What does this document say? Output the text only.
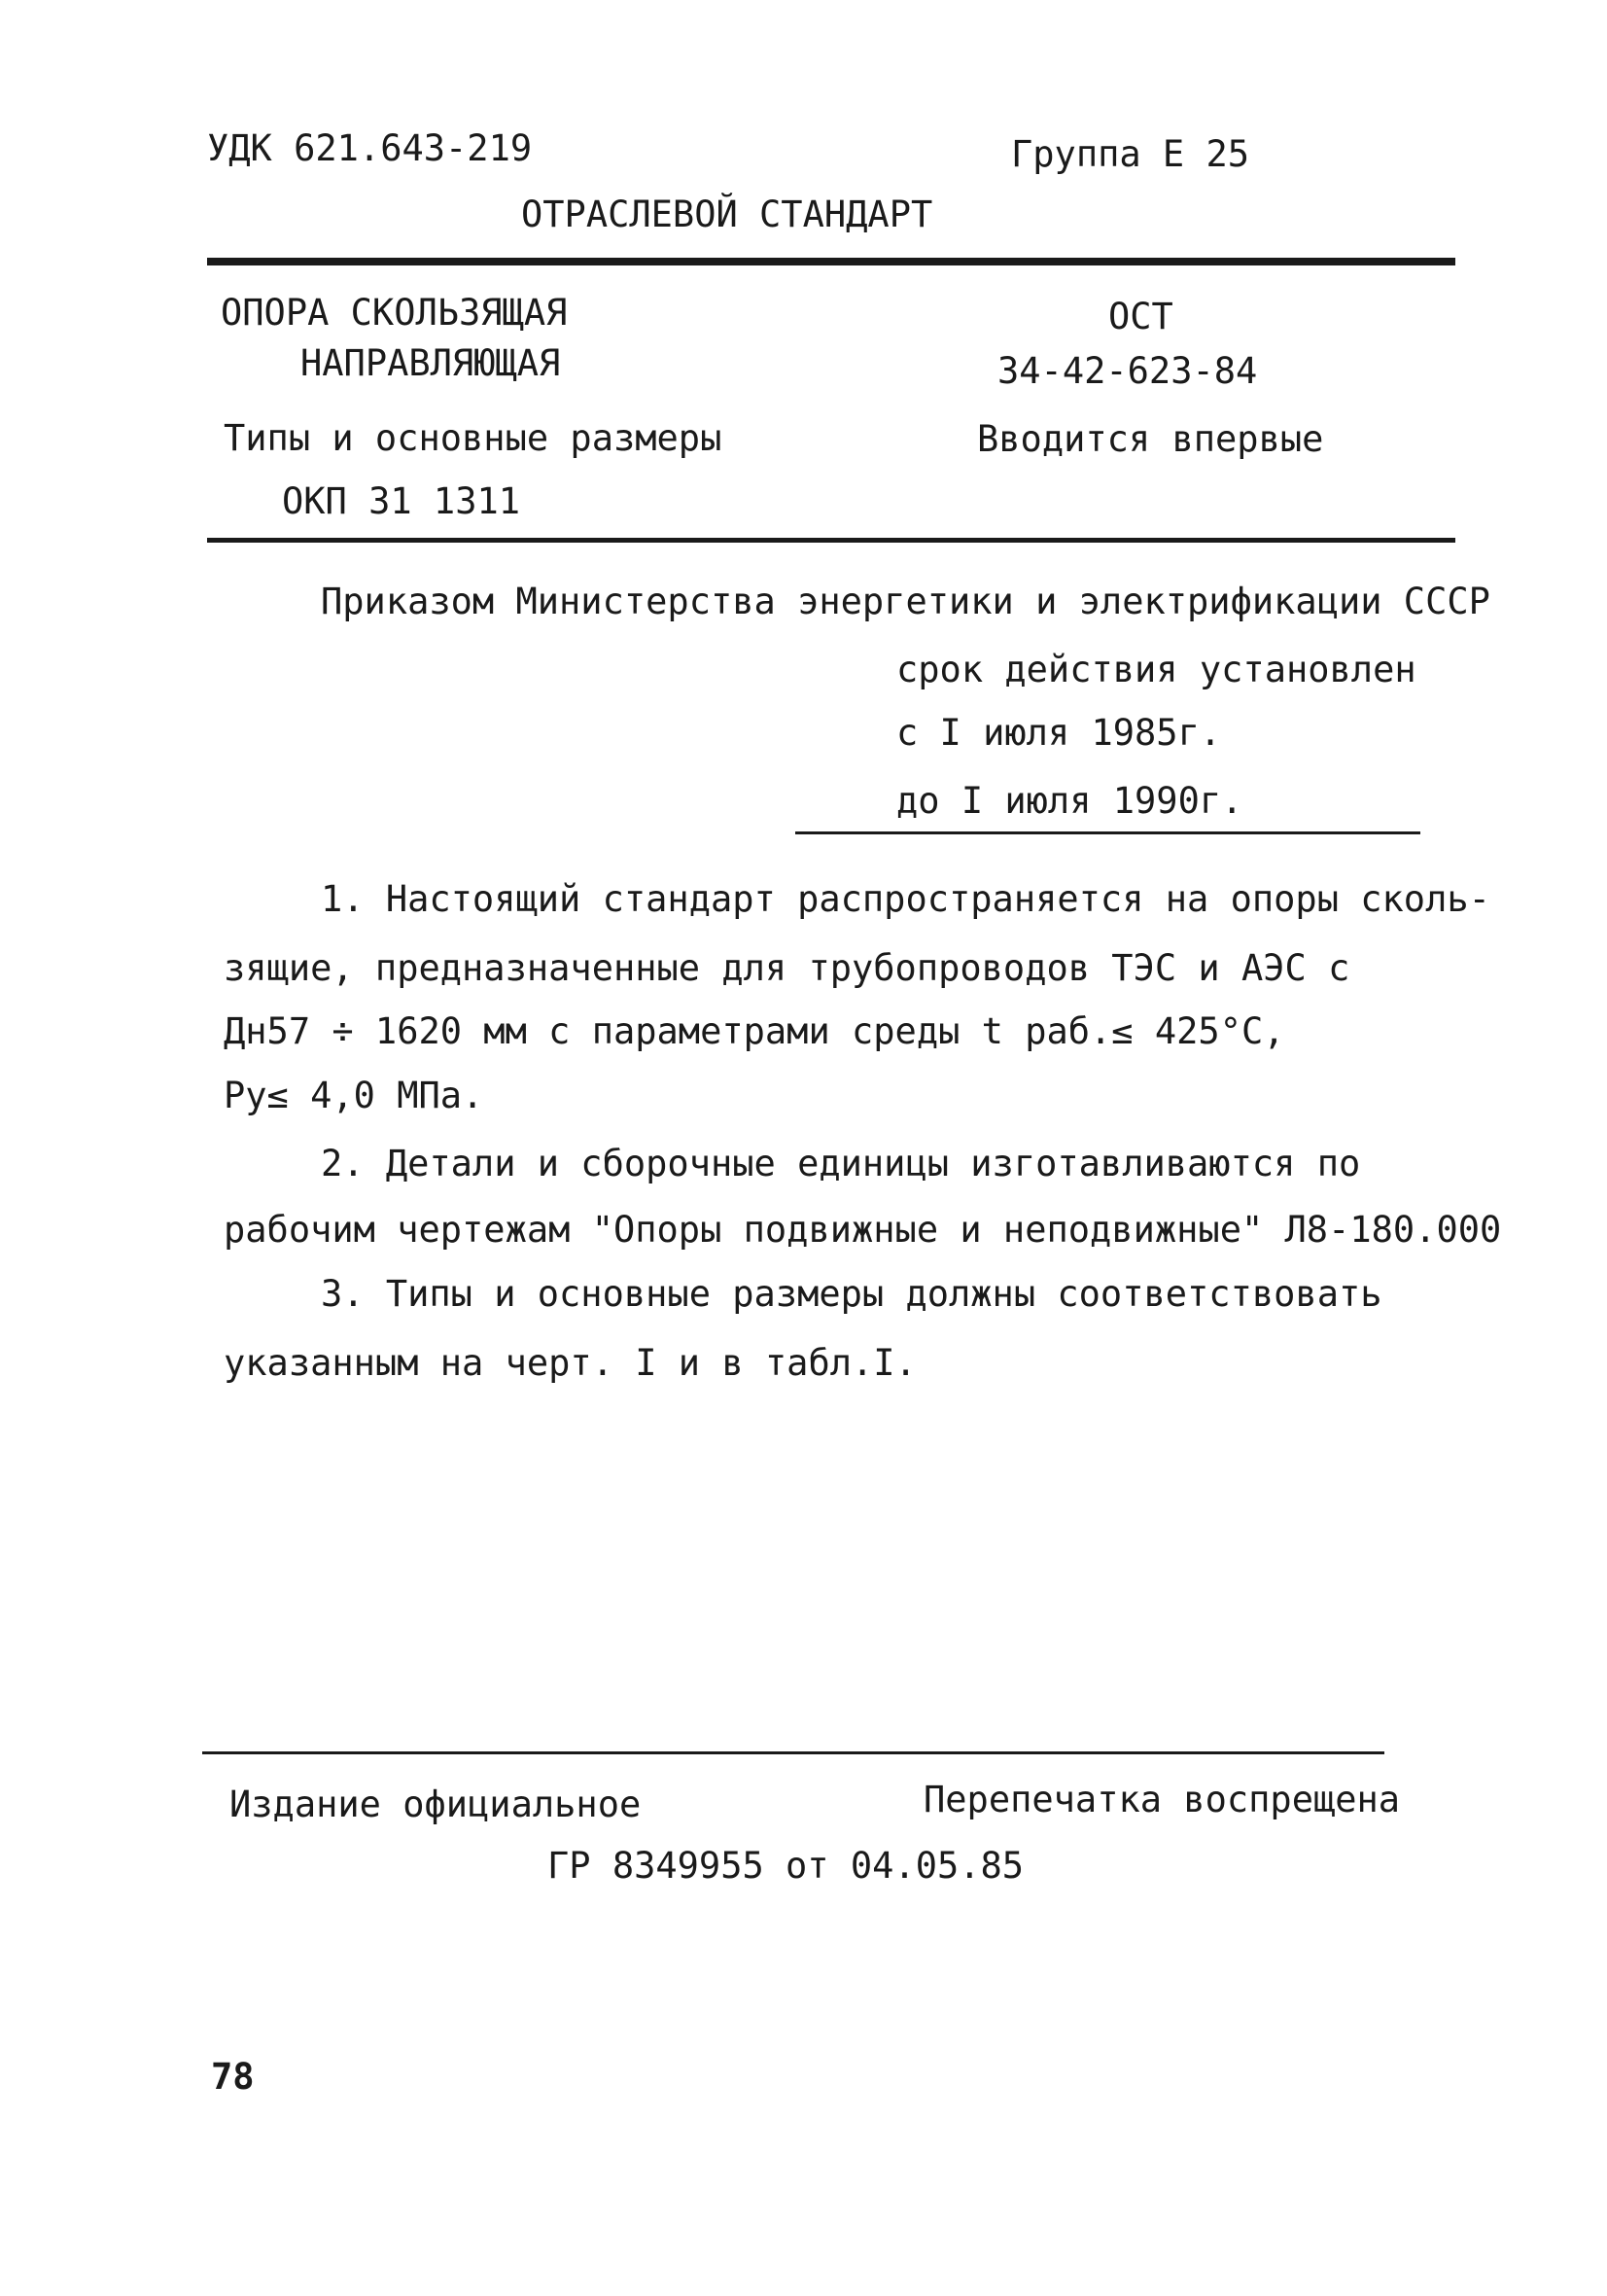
УДК 621.643-219	Группа Е 25
ОТРАСЛЕВОЙ СТАНДАРТ
ОПОРА СКОЛЬЗЯЩАЯ
НАПРАВЛЯЮЩАЯ
Типы и основные размеры
ОКП 31 1311
ОСТ
34-42-623-84
Вводится впервые
Приказом Министерства энергетики и электрификации СССР
срок действия установлен
с I июля 1985г.
до I июля 1990г.
1. Настоящий стандарт распространяется на опоры сколь-
зящие, предназначенные для трубопроводов ТЭС и АЭС с
Дн57 ÷ 1620 мм с параметрами среды t раб.≤ 425°С,
Ру≤ 4,0 МПа.
2. Детали и сборочные единицы изготавливаются по
рабочим чертежам "Опоры подвижные и неподвижные" Л8-180.000
3. Типы и основные размеры должны соответствовать
указанным на черт. I и в табл.I.
Издание официальное	Перепечатка воспрещена
ГР 8349955 от 04.05.85
78
